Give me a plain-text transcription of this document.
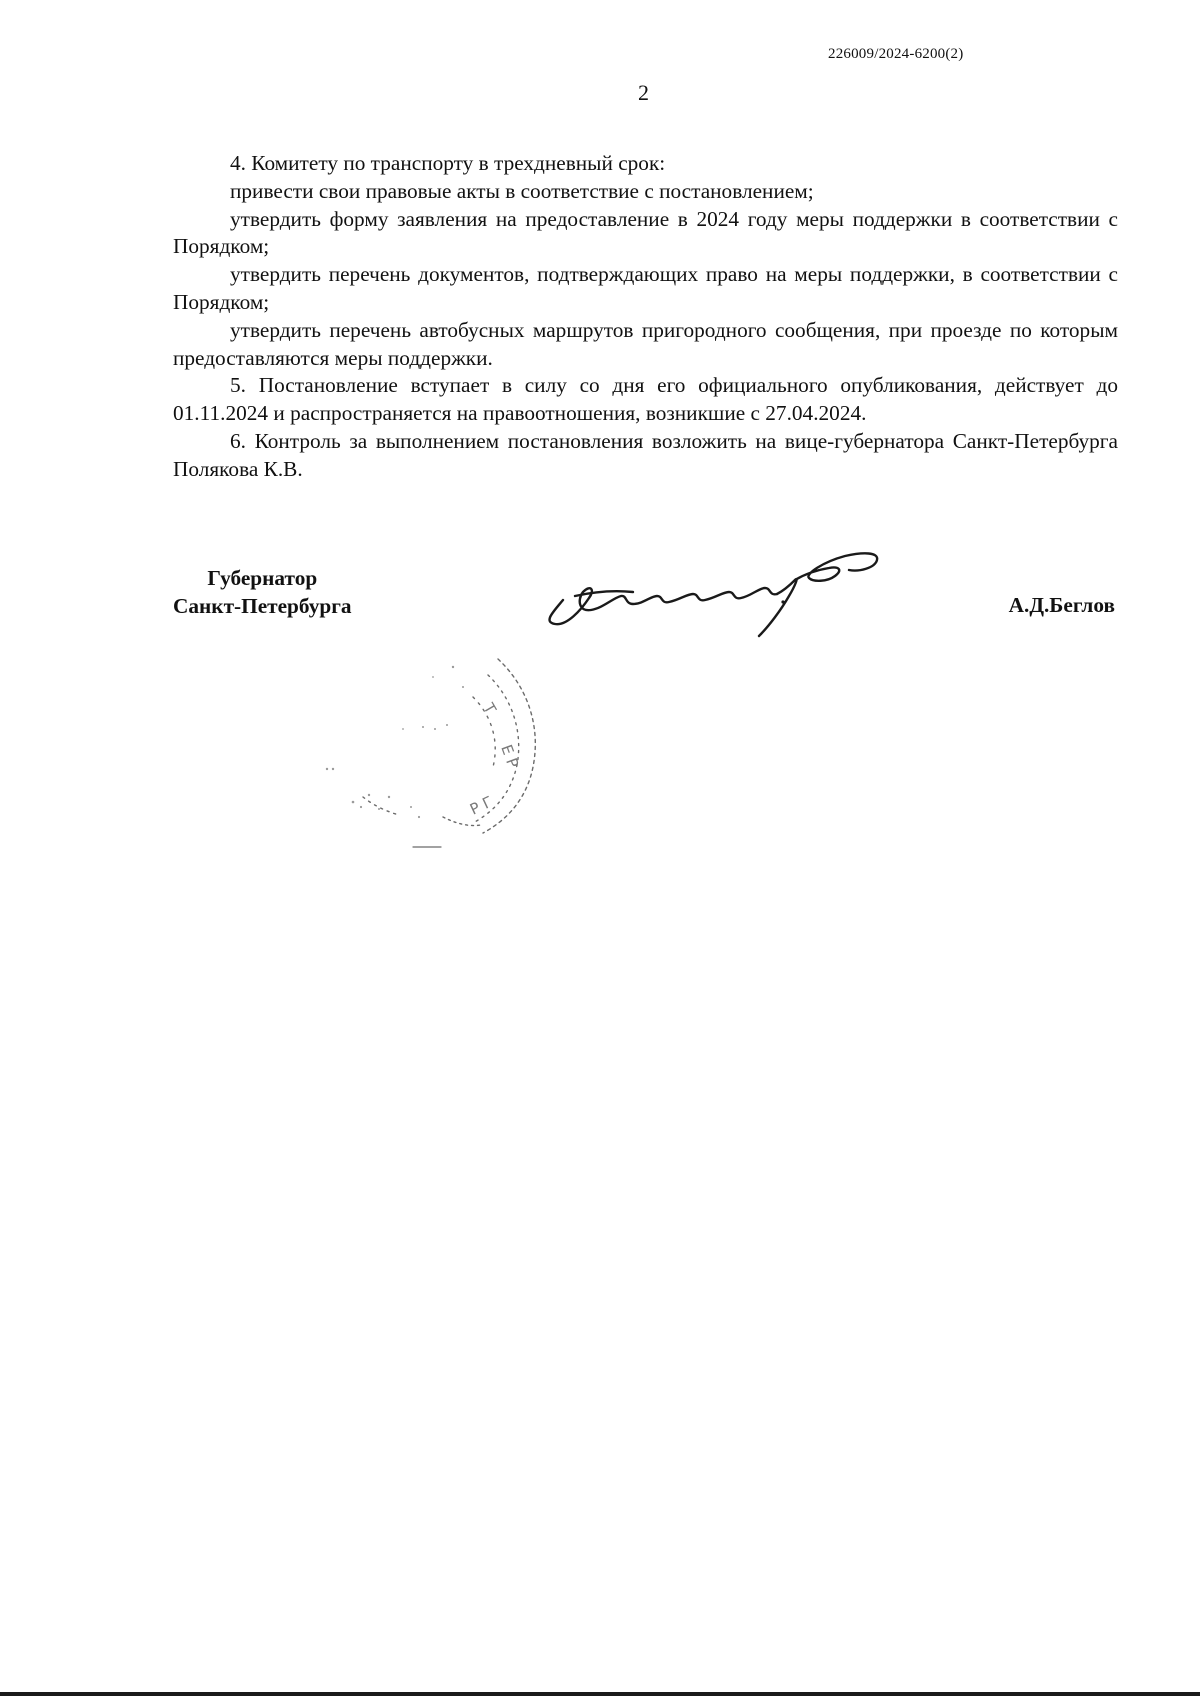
226009/2024-6200(2)
2

4. Комитету по транспорту в трехдневный срок:

привести свои правовые акты в соответствие с постановлением;

утвердить форму заявления на предоставление в 2024 году меры поддержки в соответствии с Порядком;

утвердить перечень документов, подтверждающих право на меры поддержки, в соответствии с Порядком;

утвердить перечень автобусных маршрутов пригородного сообщения, при проезде по которым предоставляются меры поддержки.

5. Постановление вступает в силу со дня его официального опубликования, действует до 01.11.2024 и распространяется на правоотношения, возникшие с 27.04.2024.

6. Контроль за выполнением постановления возложить на вице-губернатора Санкт-Петербурга Полякова К.В.

Губернатор
Санкт-Петербурга	А.Д.Беглов
Е Р
Р Г
Т
